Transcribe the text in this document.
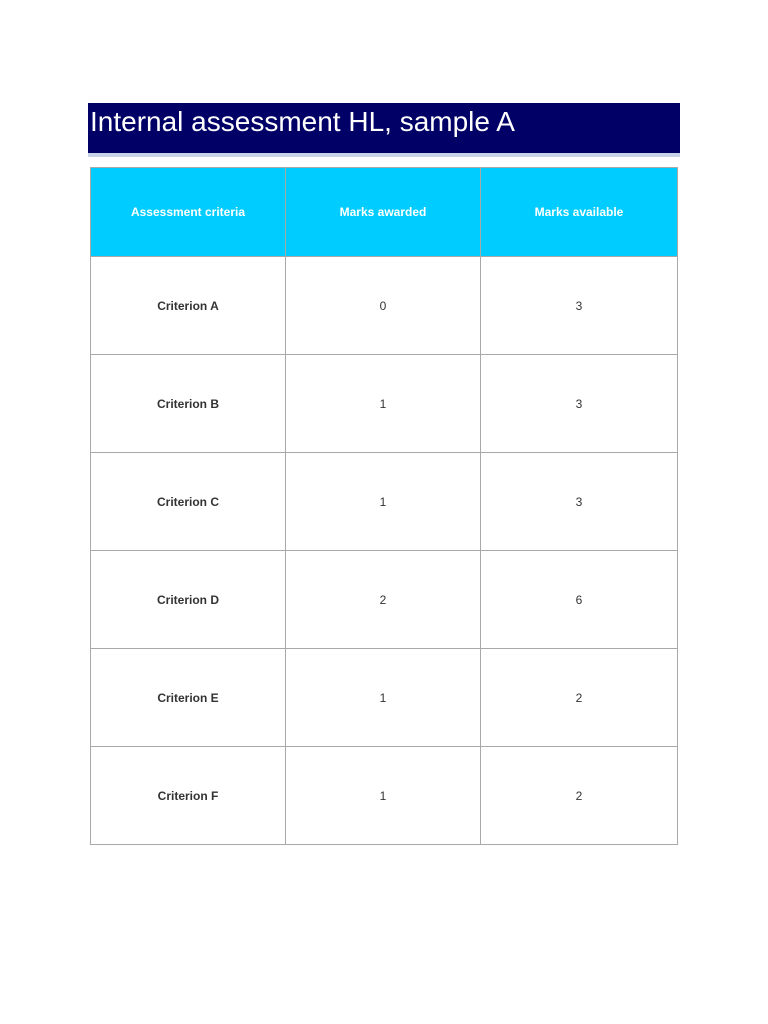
Internal assessment HL, sample A
Assessment criteria	Marks awarded	Marks available
Criterion A	0	3
Criterion B	1	3
Criterion C	1	3
Criterion D	2	6
Criterion E	1	2
Criterion F	1	2
